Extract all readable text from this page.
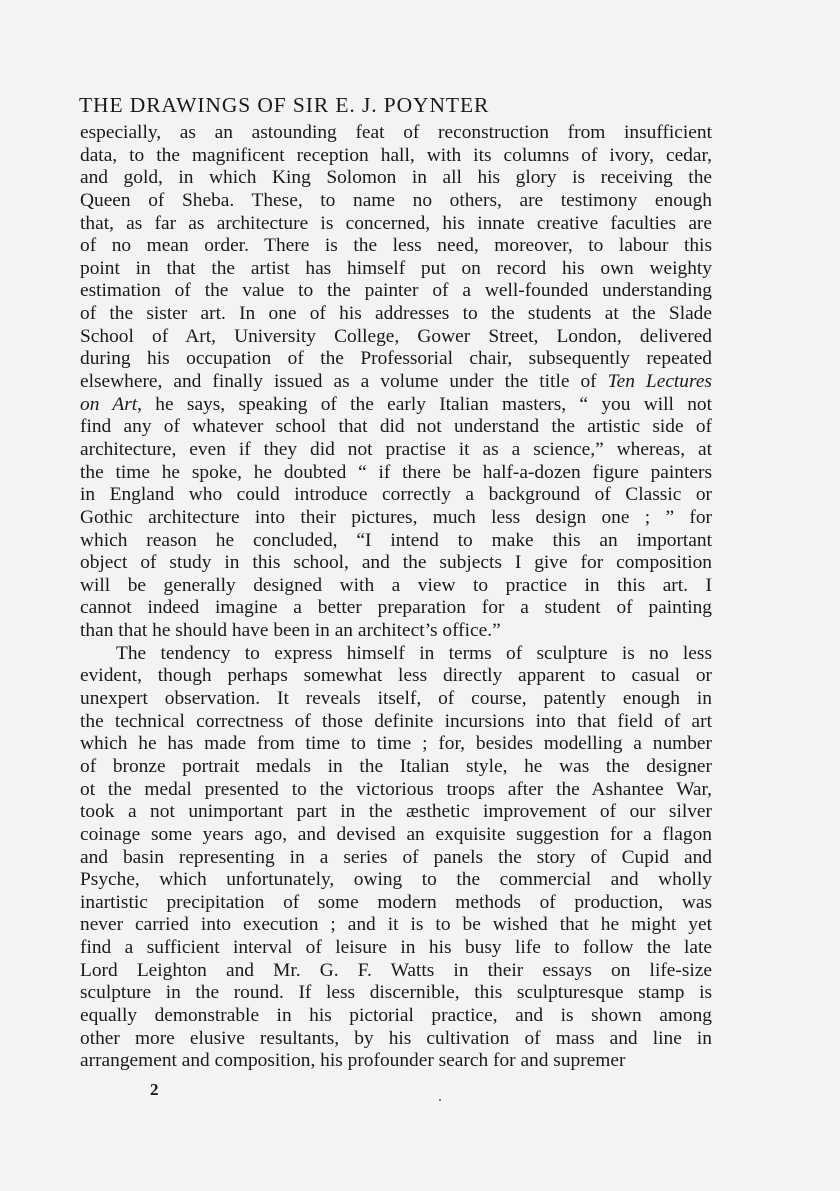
THE DRAWINGS OF SIR E. J. POYNTER
especially, as an astounding feat of reconstruction from insufficient
data, to the magnificent reception hall, with its columns of ivory, cedar,
and gold, in which King Solomon in all his glory is receiving the
Queen of Sheba. These, to name no others, are testimony enough
that, as far as architecture is concerned, his innate creative faculties are
of no mean order. There is the less need, moreover, to labour this
point in that the artist has himself put on record his own weighty
estimation of the value to the painter of a well-founded understanding
of the sister art. In one of his addresses to the students at the Slade
School of Art, University College, Gower Street, London, delivered
during his occupation of the Professorial chair, subsequently repeated
elsewhere, and finally issued as a volume under the title of Ten Lectures
on Art, he says, speaking of the early Italian masters, “ you will not
find any of whatever school that did not understand the artistic side of
architecture, even if they did not practise it as a science,” whereas, at
the time he spoke, he doubted “ if there be half-a-dozen figure painters
in England who could introduce correctly a background of Classic or
Gothic architecture into their pictures, much less design one ; ” for
which reason he concluded, “I intend to make this an important
object of study in this school, and the subjects I give for composition
will be generally designed with a view to practice in this art. I
cannot indeed imagine a better preparation for a student of painting
than that he should have been in an architect’s office.”
The tendency to express himself in terms of sculpture is no less
evident, though perhaps somewhat less directly apparent to casual or
unexpert observation. It reveals itself, of course, patently enough in
the technical correctness of those definite incursions into that field of art
which he has made from time to time ; for, besides modelling a number
of bronze portrait medals in the Italian style, he was the designer
ot the medal presented to the victorious troops after the Ashantee War,
took a not unimportant part in the æsthetic improvement of our silver
coinage some years ago, and devised an exquisite suggestion for a flagon
and basin representing in a series of panels the story of Cupid and
Psyche, which unfortunately, owing to the commercial and wholly
inartistic precipitation of some modern methods of production, was
never carried into execution ; and it is to be wished that he might yet
find a sufficient interval of leisure in his busy life to follow the late
Lord Leighton and Mr. G. F. Watts in their essays on life-size
sculpture in the round. If less discernible, this sculpturesque stamp is
equally demonstrable in his pictorial practice, and is shown among
other more elusive resultants, by his cultivation of mass and line in
arrangement and composition, his profounder search for and supremer
2
